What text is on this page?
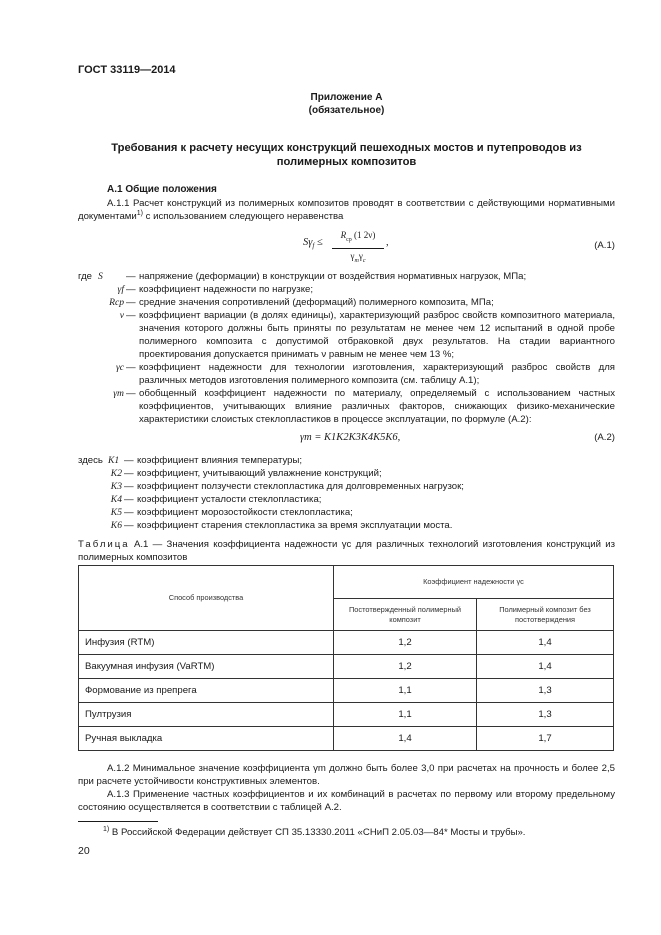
ГОСТ 33119—2014
Приложение А
(обязательное)
Требования к расчету несущих конструкций пешеходных мостов и путепроводов из полимерных композитов
А.1 Общие положения
А.1.1 Расчет конструкций из полимерных композитов проводят в соответствии с действующими нормативными документами$^{1)}$ с использованием следующего неравенства
$S\gamma_f$ ≤
$R_{ср}$ (1 2ν)
$\gamma_m\gamma_c$
,	(А.1)
где S	— напряжение (деформации) в конструкции от воздействия нормативных нагрузок, МПа;
γf — коэффициент надежности по нагрузке;
Rср — средние значения сопротивлений (деформаций) полимерного композита, МПа;
ν — коэффициент вариации (в долях единицы), характеризующий разброс свойств композитного материала, значения которого должны быть приняты по результатам не менее чем 12 испытаний в одной пробе полимерного композита с допустимой отбраковкой двух результатов. На стадии вариантного проектирования допускается принимать ν равным не менее чем 13 %;
γc — коэффициент надежности для технологии изготовления, характеризующий разброс свойств для различных методов изготовления полимерного композита (см. таблицу А.1);
γm — обобщенный коэффициент надежности по материалу, определяемый с использованием частных коэффициентов, учитывающих влияние различных факторов, снижающих физико-механические характеристики слоистых стеклопластиков в процессе эксплуатации, по формуле (А.2):
γm = K1K2K3K4K5K6,	(А.2)
здесь K1 — коэффициент влияния температуры;
K2 — коэффициент, учитывающий увлажнение конструкций;
K3 — коэффициент ползучести стеклопластика для долговременных нагрузок;
K4 — коэффициент усталости стеклопластика;
K5 — коэффициент морозостойкости стеклопластика;
K6 — коэффициент старения стеклопластика за время эксплуатации моста.
Таблица А.1 — Значения коэффициента надежности γc для различных технологий изготовления конструкций из полимерных композитов
Способ производства	Коэффициент надежности γc	
	Постотвержденный полимерный композит	Полимерный композит без постотверждения
Инфузия (RTM)	1,2	1,4
Вакуумная инфузия (VaRTM)	1,2	1,4
Формование из препрега	1,1	1,3
Пултрузия	1,1	1,3
Ручная выкладка	1,4	1,7
А.1.2 Минимальное значение коэффициента γm должно быть более 3,0 при расчетах на прочность и более 2,5 при расчете устойчивости конструктивных элементов.
А.1.3 Применение частных коэффициентов и их комбинаций в расчетах по первому или второму предельному состоянию осуществляется в соответствии с таблицей А.2.
$^{1)}$ В Российской Федерации действует СП 35.13330.2011 «СНиП 2.05.03—84* Мосты и трубы».
20
